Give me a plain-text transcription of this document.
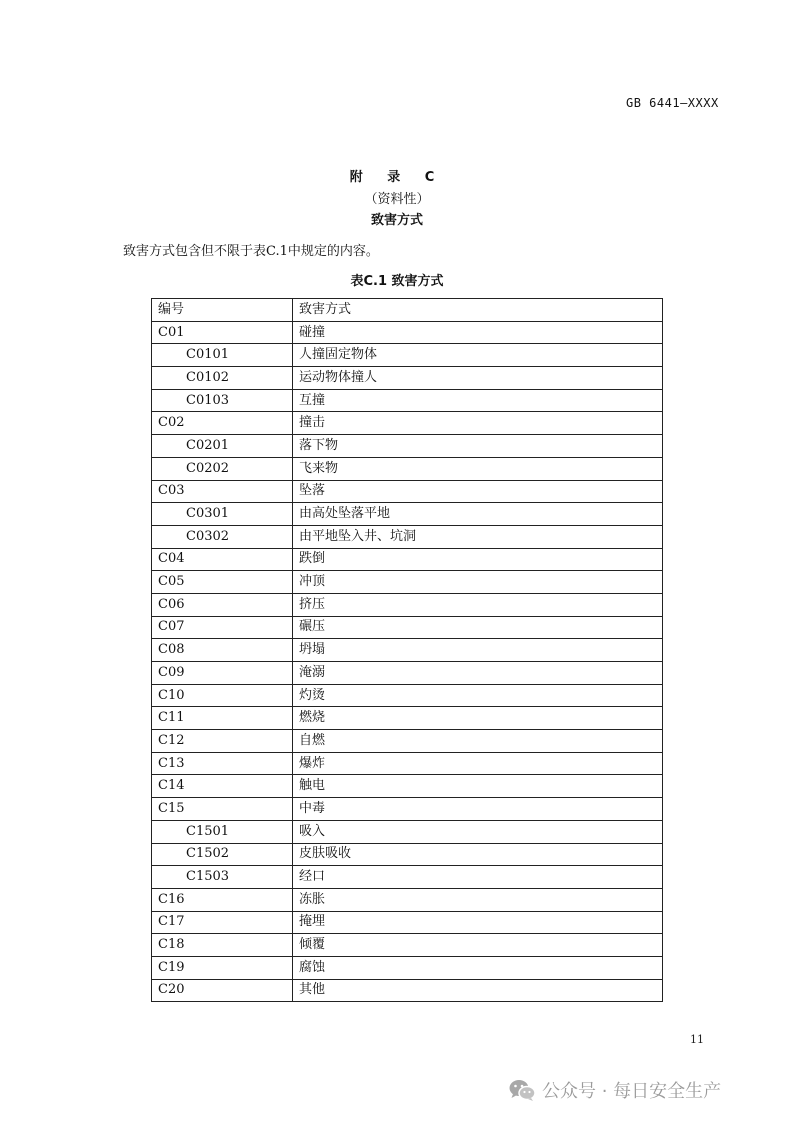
GB 6441—XXXX
附 录 C
（资料性）
致害方式
致害方式包含但不限于表C.1中规定的内容。
表C.1 致害方式
编号	致害方式
C01	碰撞
C0101	人撞固定物体
C0102	运动物体撞人
C0103	互撞
C02	撞击
C0201	落下物
C0202	飞来物
C03	坠落
C0301	由高处坠落平地
C0302	由平地坠入井、坑洞
C04	跌倒
C05	冲顶
C06	挤压
C07	碾压
C08	坍塌
C09	淹溺
C10	灼烫
C11	燃烧
C12	自燃
C13	爆炸
C14	触电
C15	中毒
C1501	吸入
C1502	皮肤吸收
C1503	经口
C16	冻胀
C17	掩埋
C18	倾覆
C19	腐蚀
C20	其他
11
公众号 · 每日安全生产
